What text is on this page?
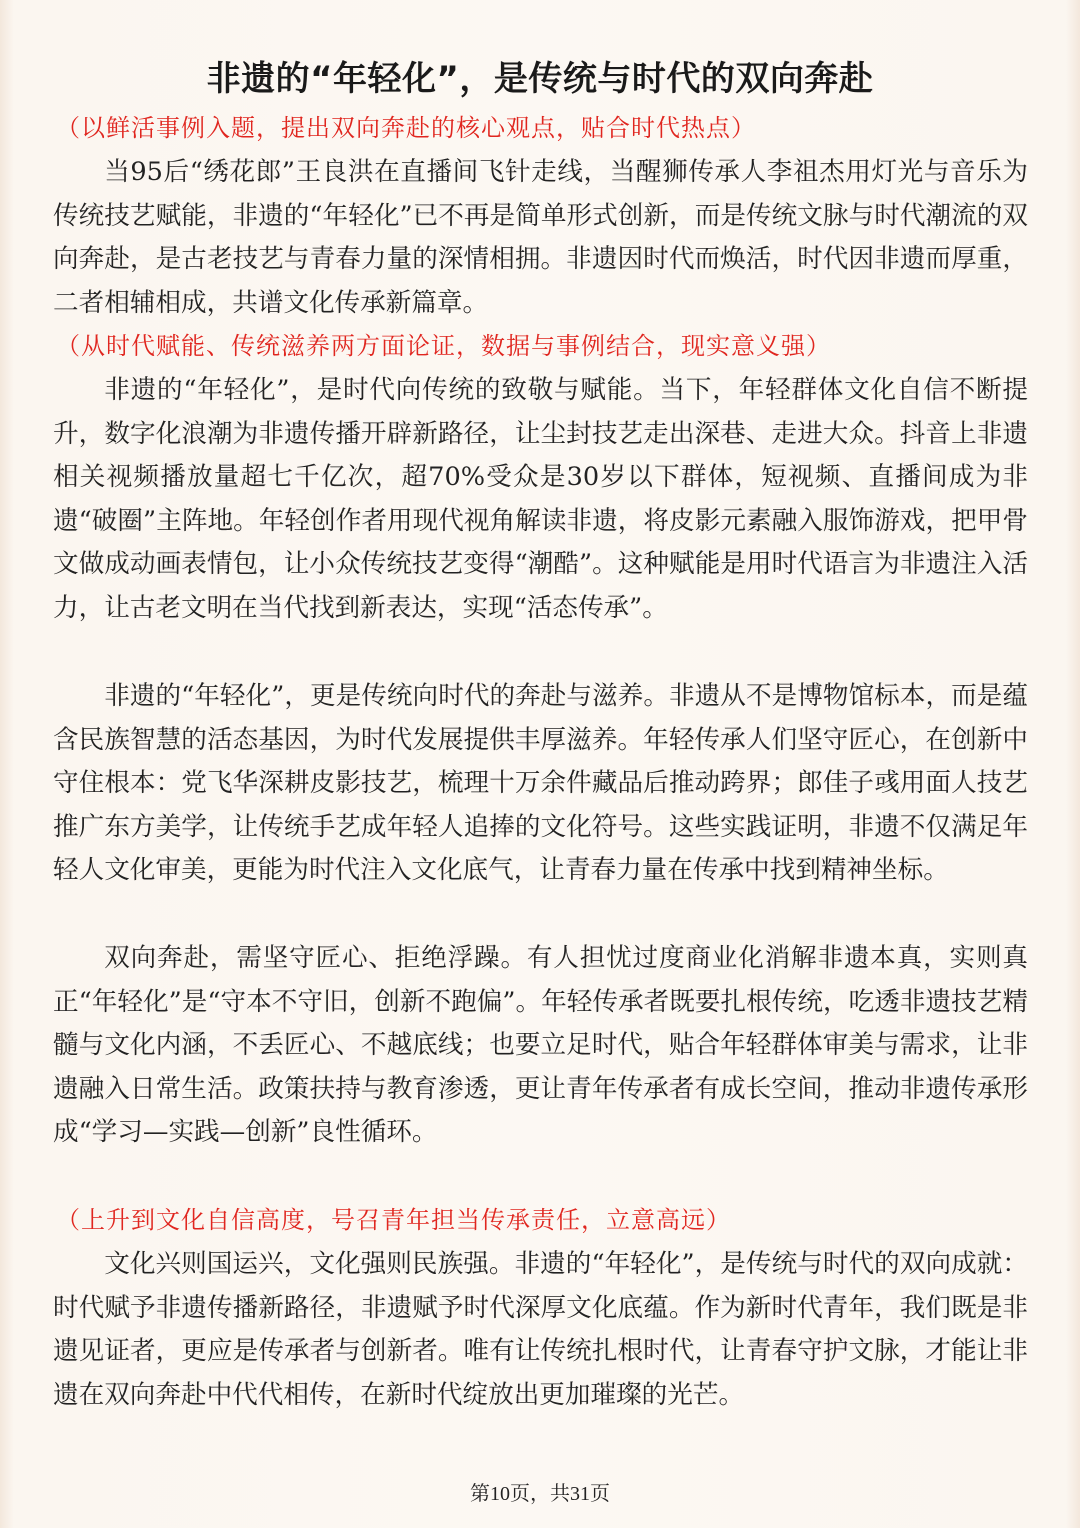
非遗的“年轻化”，是传统与时代的双向奔赴
（以鲜活事例入题，提出双向奔赴的核心观点，贴合时代热点）

当95后“绣花郎”王良洪在直播间飞针走线，当醒狮传承人李祖杰用灯光与音乐为传统技艺赋能，非遗的“年轻化”已不再是简单形式创新，而是传统文脉与时代潮流的双向奔赴，是古老技艺与青春力量的深情相拥。非遗因时代而焕活，时代因非遗而厚重，二者相辅相成，共谱文化传承新篇章。

（从时代赋能、传统滋养两方面论证，数据与事例结合，现实意义强）

非遗的“年轻化”，是时代向传统的致敬与赋能。当下，年轻群体文化自信不断提升，数字化浪潮为非遗传播开辟新路径，让尘封技艺走出深巷、走进大众。抖音上非遗相关视频播放量超七千亿次，超70%受众是30岁以下群体，短视频、直播间成为非遗“破圈”主阵地。年轻创作者用现代视角解读非遗，将皮影元素融入服饰游戏，把甲骨文做成动画表情包，让小众传统技艺变得“潮酷”。这种赋能是用时代语言为非遗注入活力，让古老文明在当代找到新表达，实现“活态传承”。

非遗的“年轻化”，更是传统向时代的奔赴与滋养。非遗从不是博物馆标本，而是蕴含民族智慧的活态基因，为时代发展提供丰厚滋养。年轻传承人们坚守匠心，在创新中守住根本：党飞华深耕皮影技艺，梳理十万余件藏品后推动跨界；郎佳子彧用面人技艺推广东方美学，让传统手艺成年轻人追捧的文化符号。这些实践证明，非遗不仅满足年轻人文化审美，更能为时代注入文化底气，让青春力量在传承中找到精神坐标。

双向奔赴，需坚守匠心、拒绝浮躁。有人担忧过度商业化消解非遗本真，实则真正“年轻化”是“守本不守旧，创新不跑偏”。年轻传承者既要扎根传统，吃透非遗技艺精髓与文化内涵，不丢匠心、不越底线；也要立足时代，贴合年轻群体审美与需求，让非遗融入日常生活。政策扶持与教育渗透，更让青年传承者有成长空间，推动非遗传承形成“学习—实践—创新”良性循环。

（上升到文化自信高度，号召青年担当传承责任，立意高远）

文化兴则国运兴，文化强则民族强。非遗的“年轻化”，是传统与时代的双向成就：时代赋予非遗传播新路径，非遗赋予时代深厚文化底蕴。作为新时代青年，我们既是非遗见证者，更应是传承者与创新者。唯有让传统扎根时代，让青春守护文脉，才能让非遗在双向奔赴中代代相传，在新时代绽放出更加璀璨的光芒。

第10页，共31页
